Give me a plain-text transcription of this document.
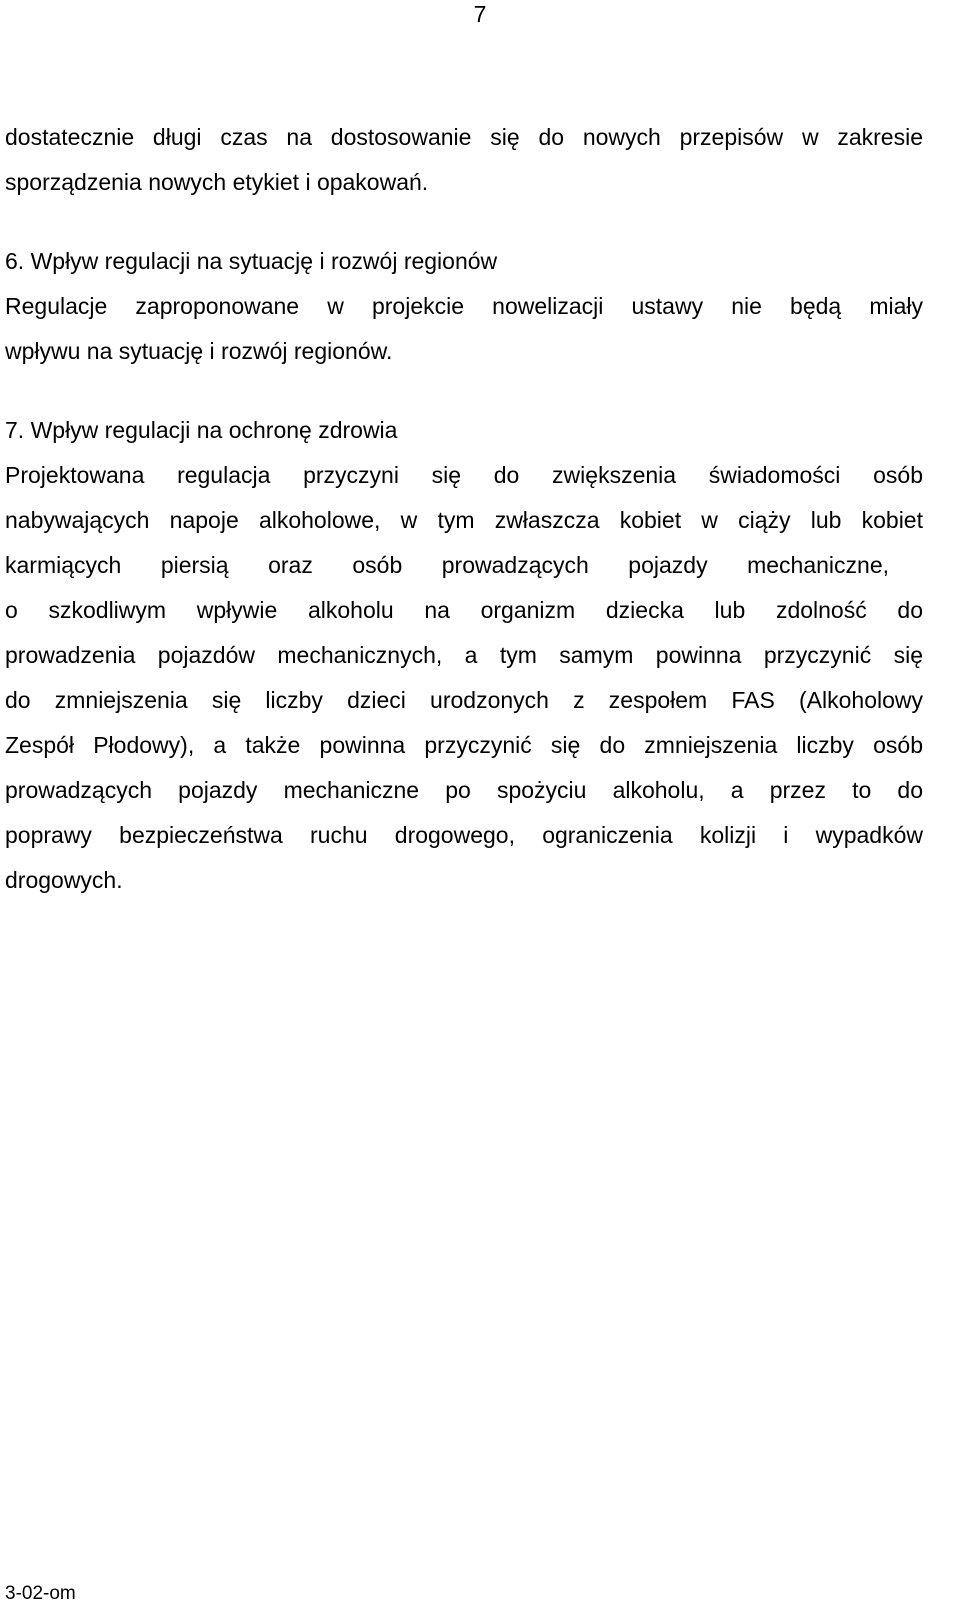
7
dostatecznie długi czas na dostosowanie się do nowych przepisów w zakresie
sporządzenia nowych etykiet i opakowań.
6. Wpływ regulacji na sytuację i rozwój regionów
Regulacje zaproponowane w projekcie nowelizacji ustawy nie będą miały
wpływu na sytuację i rozwój regionów.
7. Wpływ regulacji na ochronę zdrowia
Projektowana regulacja przyczyni się do zwiększenia świadomości osób
nabywających napoje alkoholowe, w tym zwłaszcza kobiet w ciąży lub kobiet
karmiących piersią oraz osób prowadzących pojazdy mechaniczne,
o szkodliwym wpływie alkoholu na organizm dziecka lub zdolność do
prowadzenia pojazdów mechanicznych, a tym samym powinna przyczynić się
do zmniejszenia się liczby dzieci urodzonych z zespołem FAS (Alkoholowy
Zespół Płodowy), a także powinna przyczynić się do zmniejszenia liczby osób
prowadzących pojazdy mechaniczne po spożyciu alkoholu, a przez to do
poprawy bezpieczeństwa ruchu drogowego, ograniczenia kolizji i wypadków
drogowych.
3-02-om
